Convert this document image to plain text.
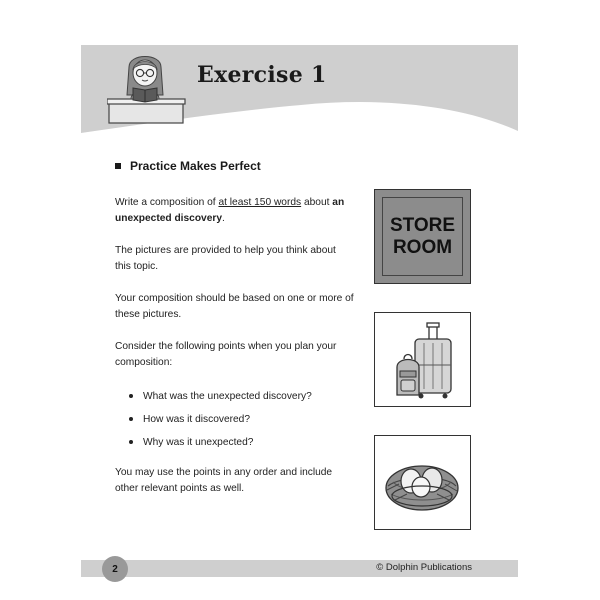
Exercise 1
Practice Makes Perfect
Write a composition of at least 150 words about an unexpected discovery.
The pictures are provided to help you think about this topic.
Your composition should be based on one or more of these pictures.
Consider the following points when you plan your composition:
What was the unexpected discovery?
How was it discovered?
Why was it unexpected?
You may use the points in any order and include other relevant points as well.
STORE
ROOM
2	© Dolphin Publications
